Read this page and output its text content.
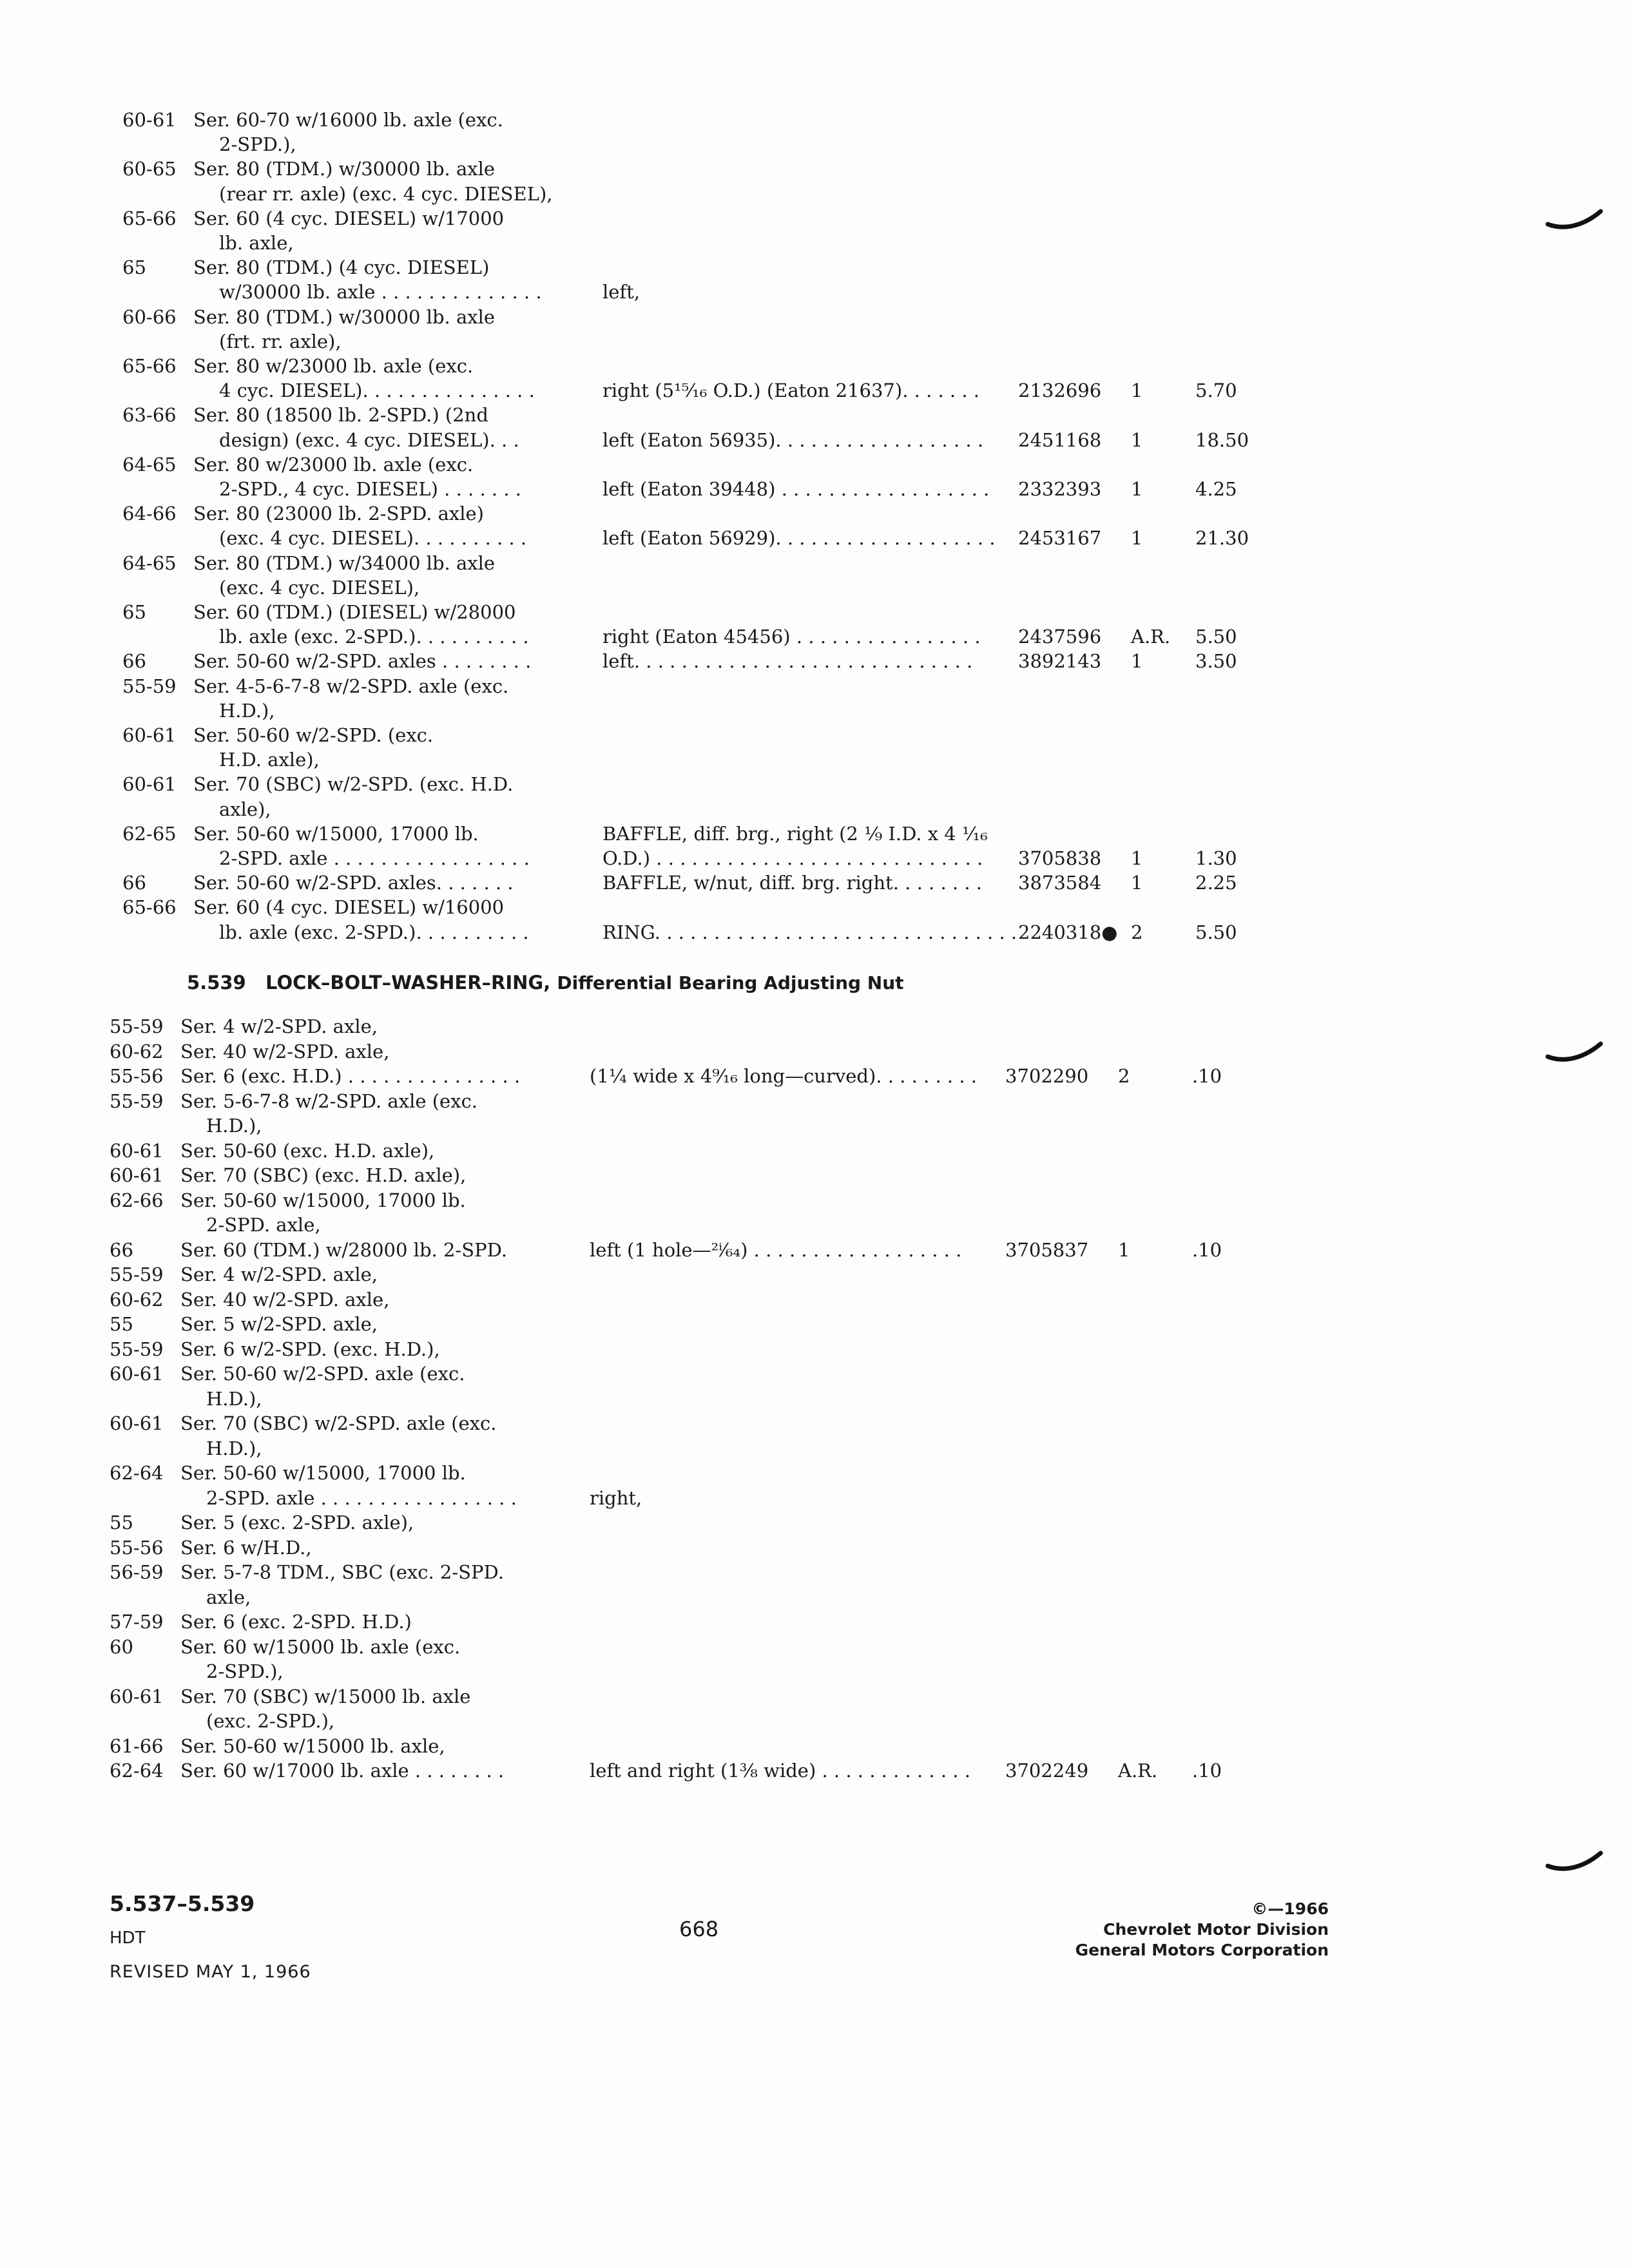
60-61 Ser. 60-70 w/16000 lb. axle (exc.
2-SPD.),
60-65 Ser. 80 (TDM.) w/30000 lb. axle
(rear rr. axle) (exc. 4 cyc. DIESEL),
65-66 Ser. 60 (4 cyc. DIESEL) w/17000
lb. axle,
65	Ser. 80 (TDM.) (4 cyc. DIESEL)
w/30000 lb. axle . . . . . . . . . . . . . .	left,
60-66 Ser. 80 (TDM.) w/30000 lb. axle
(frt. rr. axle),
65-66 Ser. 80 w/23000 lb. axle (exc.
4 cyc. DIESEL). . . . . . . . . . . . . . .	right (5¹⁵⁄₁₆ O.D.) (Eaton 21637). . . . . . . 2132696 1	5.70
63-66 Ser. 80 (18500 lb. 2-SPD.) (2nd
design) (exc. 4 cyc. DIESEL). . .	left (Eaton 56935). . . . . . . . . . . . . . . . . . 2451168 1	18.50
64-65 Ser. 80 w/23000 lb. axle (exc.
2-SPD., 4 cyc. DIESEL) . . . . . . .	left (Eaton 39448) . . . . . . . . . . . . . . . . . . 2332393 1	4.25
64-66 Ser. 80 (23000 lb. 2-SPD. axle)
(exc. 4 cyc. DIESEL). . . . . . . . . .	left (Eaton 56929). . . . . . . . . . . . . . . . . . . 2453167 1	21.30
64-65 Ser. 80 (TDM.) w/34000 lb. axle
(exc. 4 cyc. DIESEL),
65	Ser. 60 (TDM.) (DIESEL) w/28000
lb. axle (exc. 2-SPD.). . . . . . . . . .	right (Eaton 45456) . . . . . . . . . . . . . . . . 2437596 A.R. 5.50
66	Ser. 50-60 w/2-SPD. axles . . . . . . . .	left. . . . . . . . . . . . . . . . . . . . . . . . . . . . . 3892143 1	3.50
55-59 Ser. 4-5-6-7-8 w/2-SPD. axle (exc.
H.D.),
60-61 Ser. 50-60 w/2-SPD. (exc.
H.D. axle),
60-61 Ser. 70 (SBC) w/2-SPD. (exc. H.D.
axle),
62-65 Ser. 50-60 w/15000, 17000 lb.	BAFFLE, diff. brg., right (2 ⅑ I.D. x 4 ¹⁄₁₆
2-SPD. axle . . . . . . . . . . . . . . . . .	O.D.) . . . . . . . . . . . . . . . . . . . . . . . . . . . . 3705838 1	1.30
66	Ser. 50-60 w/2-SPD. axles. . . . . . .	BAFFLE, w/nut, diff. brg. right. . . . . . . . 3873584 1	2.25
65-66 Ser. 60 (4 cyc. DIESEL) w/16000
lb. axle (exc. 2-SPD.). . . . . . . . . .	RING. . . . . . . . . . . . . . . . . . . . . . . . . . . . . . . 2240318● 2	5.50
5.539 LOCK–BOLT–WASHER–RING, Differential Bearing Adjusting Nut
55-59 Ser. 4 w/2-SPD. axle,
60-62 Ser. 40 w/2-SPD. axle,
55-56 Ser. 6 (exc. H.D.) . . . . . . . . . . . . . . .	(1¼ wide x 4⁹⁄₁₆ long—curved). . . . . . . . . 3702290 2	.10
55-59 Ser. 5-6-7-8 w/2-SPD. axle (exc.
H.D.),
60-61 Ser. 50-60 (exc. H.D. axle),
60-61 Ser. 70 (SBC) (exc. H.D. axle),
62-66 Ser. 50-60 w/15000, 17000 lb.
2-SPD. axle,
66	Ser. 60 (TDM.) w/28000 lb. 2-SPD.	left (1 hole—²ⁱ⁄₆₄) . . . . . . . . . . . . . . . . . . 3705837 1	.10
55-59 Ser. 4 w/2-SPD. axle,
60-62 Ser. 40 w/2-SPD. axle,
55	Ser. 5 w/2-SPD. axle,
55-59 Ser. 6 w/2-SPD. (exc. H.D.),
60-61 Ser. 50-60 w/2-SPD. axle (exc.
H.D.),
60-61 Ser. 70 (SBC) w/2-SPD. axle (exc.
H.D.),
62-64 Ser. 50-60 w/15000, 17000 lb.
2-SPD. axle . . . . . . . . . . . . . . . . .	right,
55	Ser. 5 (exc. 2-SPD. axle),
55-56 Ser. 6 w/H.D.,
56-59 Ser. 5-7-8 TDM., SBC (exc. 2-SPD.
axle,
57-59 Ser. 6 (exc. 2-SPD. H.D.)
60	Ser. 60 w/15000 lb. axle (exc.
2-SPD.),
60-61 Ser. 70 (SBC) w/15000 lb. axle
(exc. 2-SPD.),
61-66 Ser. 50-60 w/15000 lb. axle,
62-64 Ser. 60 w/17000 lb. axle . . . . . . . .	left and right (1⅜ wide) . . . . . . . . . . . . . 3702249 A.R. .10
5.537–5.539
HDT
REVISED MAY 1, 1966
668
©—1966
Chevrolet Motor Division
General Motors Corporation
